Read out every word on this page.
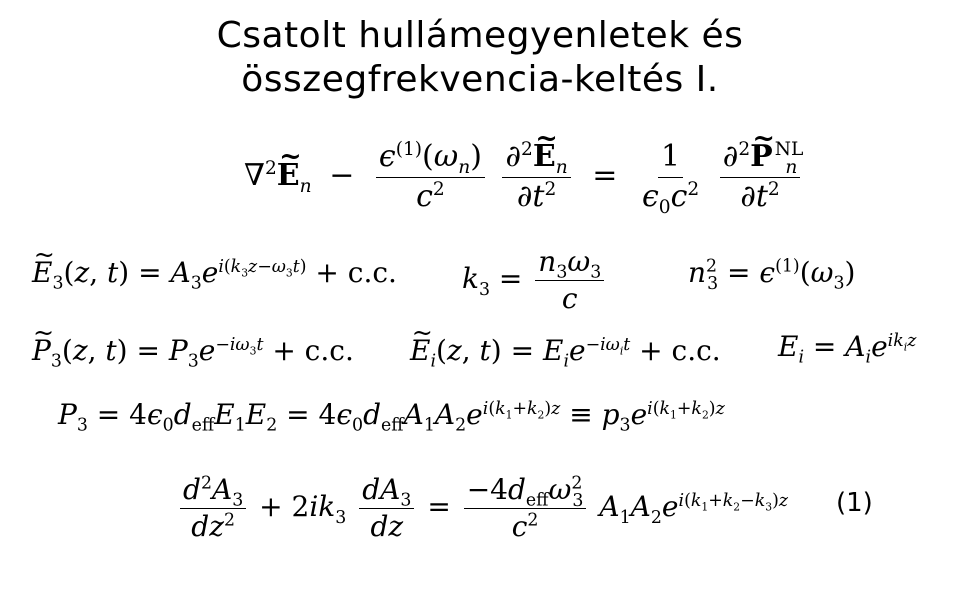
Csatolt hullámegyenletek és
összegfrekvencia-keltés I.
∇$^2$~ $E_n - \frac{\epsilon^{(1)}(\omega_n)}{c^2}$
$\frac{\partial^2\sim E_n}{\partial t^2} = \frac{1}{\epsilon_0c^2}$
$\frac{\partial^2\sim P ^{NL}_n}{\partial t^2}$
~ $E_3(z$, $t) = A_3e^{i(k_3z-\omega_3t)} + c.c$. $k_3 = \frac{n_3\omega_3}{c}$	$n^2_3 = \epsilon^{(1)}(\omega_3)$
~ $P_3(z$, $t) = P_3e^{-i\omega_3t} + c.c$.
~ $E_i(z$, $t) = E_ie^{-i\omega_it} + c.c$. $E_i = A_ie^{ik_iz}$
$P_3 = 4\epsilon_0d_{eff}E_1E_2 = 4\epsilon_0d_{eff}A_1A_2e^{i(k_1+k_2)z} \equiv p_3e^{i(k_1+k_2)z}$
$\frac{d^2A_3}{dz^2} + 2ik_3 \frac{dA_3}{dz} = \frac{-4d_{eff}\omega^2_3}{c^2} A_1A_2e^{i(k_1+k_2-k_3)z}$ (1)
